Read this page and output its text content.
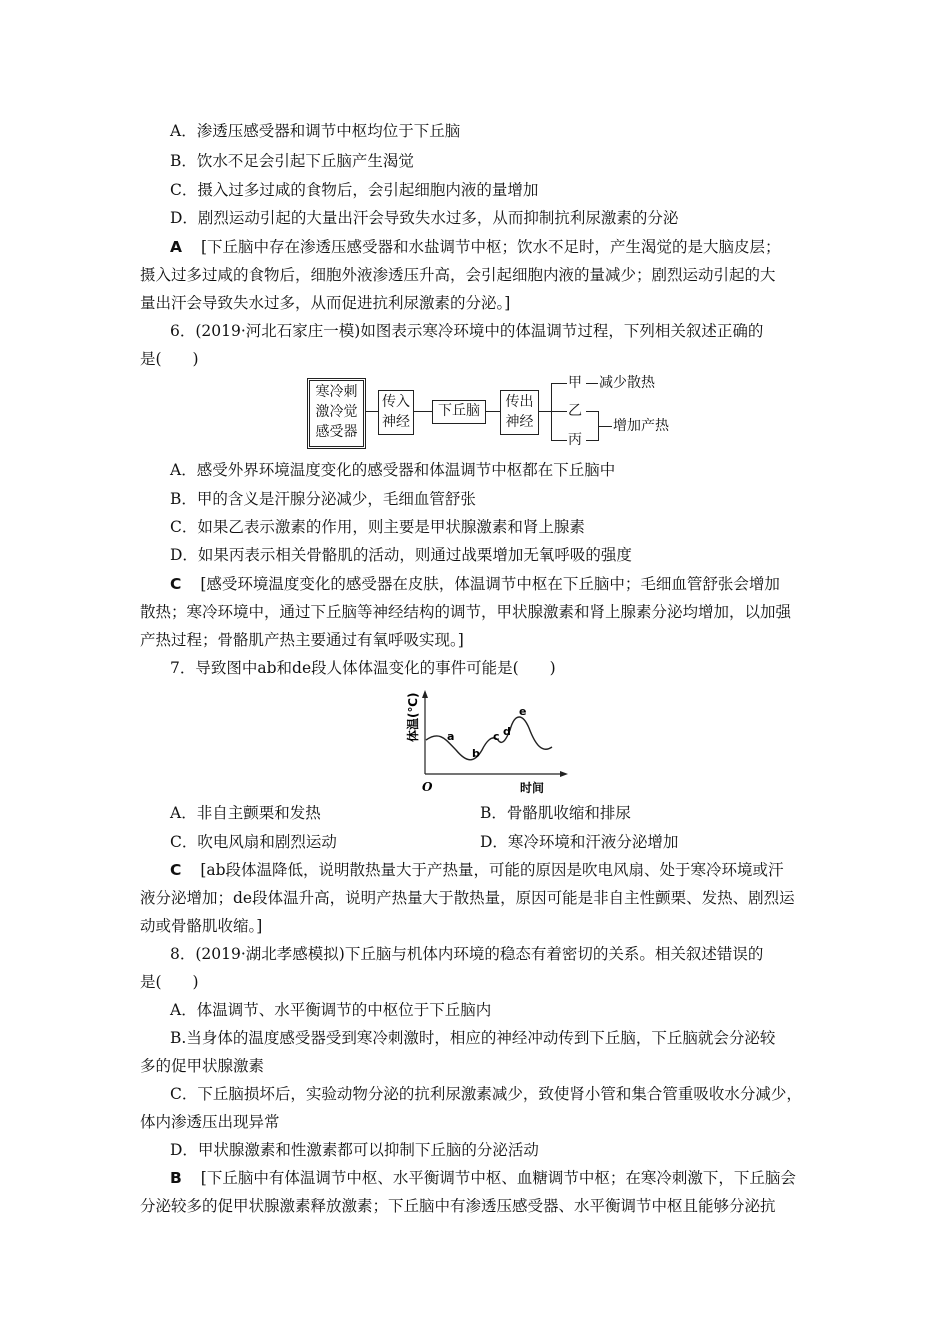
A．渗透压感受器和调节中枢均位于下丘脑
B．饮水不足会引起下丘脑产生渴觉
C．摄入过多过咸的食物后，会引起细胞内液的量增加
D．剧烈运动引起的大量出汗会导致失水过多，从而抑制抗利尿激素的分泌
A [下丘脑中存在渗透压感受器和水盐调节中枢；饮水不足时，产生渴觉的是大脑皮层；
摄入过多过咸的食物后，细胞外液渗透压升高，会引起细胞内液的量减少；剧烈运动引起的大
量出汗会导致失水过多，从而促进抗利尿激素的分泌。]
6．(2019·河北石家庄一模)如图表示寒冷环境中的体温调节过程，下列相关叙述正确的
是(　　)
寒冷刺
激冷觉
感受器
传入
神经
下丘脑
传出
神经
甲 减少散热
乙
丙
增加产热
A．感受外界环境温度变化的感受器和体温调节中枢都在下丘脑中
B．甲的含义是汗腺分泌减少，毛细血管舒张
C．如果乙表示激素的作用，则主要是甲状腺激素和肾上腺素
D．如果丙表示相关骨骼肌的活动，则通过战栗增加无氧呼吸的强度
C [感受环境温度变化的感受器在皮肤，体温调节中枢在下丘脑中；毛细血管舒张会增加
散热；寒冷环境中，通过下丘脑等神经结构的调节，甲状腺激素和肾上腺素分泌均增加，以加强
产热过程；骨骼肌产热主要通过有氧呼吸实现。]
7．导致图中ab和de段人体体温变化的事件可能是(　　)
体温(℃)
时间
O
a
b
c d
e
A．非自主颤栗和发热	B．骨骼肌收缩和排尿
C．吹电风扇和剧烈运动	D．寒冷环境和汗液分泌增加
C [ab段体温降低，说明散热量大于产热量，可能的原因是吹电风扇、处于寒冷环境或汗
液分泌增加；de段体温升高，说明产热量大于散热量，原因可能是非自主性颤栗、发热、剧烈运
动或骨骼肌收缩。]
8．(2019·湖北孝感模拟)下丘脑与机体内环境的稳态有着密切的关系。相关叙述错误的
是(　　)
A．体温调节、水平衡调节的中枢位于下丘脑内
B.当身体的温度感受器受到寒冷刺激时，相应的神经冲动传到下丘脑，下丘脑就会分泌较
多的促甲状腺激素
C．下丘脑损坏后，实验动物分泌的抗利尿激素减少，致使肾小管和集合管重吸收水分减少，
体内渗透压出现异常
D．甲状腺激素和性激素都可以抑制下丘脑的分泌活动
B [下丘脑中有体温调节中枢、水平衡调节中枢、血糖调节中枢；在寒冷刺激下，下丘脑会
分泌较多的促甲状腺激素释放激素；下丘脑中有渗透压感受器、水平衡调节中枢且能够分泌抗
